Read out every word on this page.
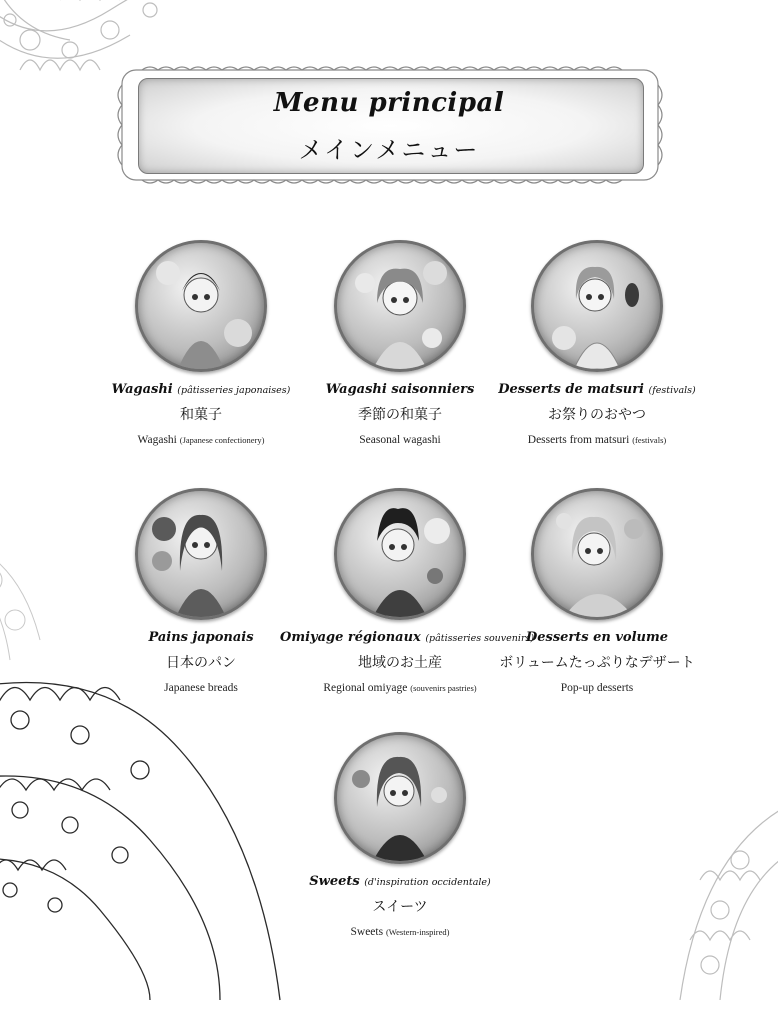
Menu principal
メインメニュー
Wagashi (pâtisseries japonaises)
和菓子
Wagashi (Japanese confectionery)
Wagashi saisonniers
季節の和菓子
Seasonal wagashi
Desserts de matsuri (festivals)
お祭りのおやつ
Desserts from matsuri (festivals)
Pains japonais
日本のパン
Japanese breads
Omiyage régionaux (pâtisseries souvenirs)
地域のお土産
Regional omiyage (souvenirs pastries)
Desserts en volume
ボリュームたっぷりなデザート
Pop-up desserts
Sweets (d'inspiration occidentale)
スイーツ
Sweets (Western-inspired)
